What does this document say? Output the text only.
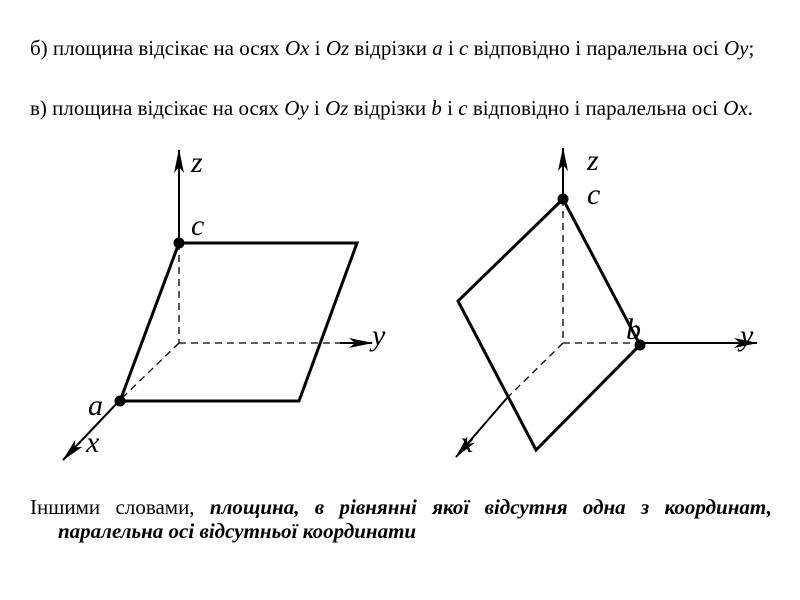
б) площина відсікає на осях Ox і Oz відрізки a і c відповідно і паралельна осі Oy;
в) площина відсікає на осях Oy і Oz відрізки b і c відповідно і паралельна осі Ox.
z
c
y
a
x
z
c
b	y
x
Іншими словами, площина, в рівнянні якої відсутня одна з координат, паралельна осі відсутньої координати
